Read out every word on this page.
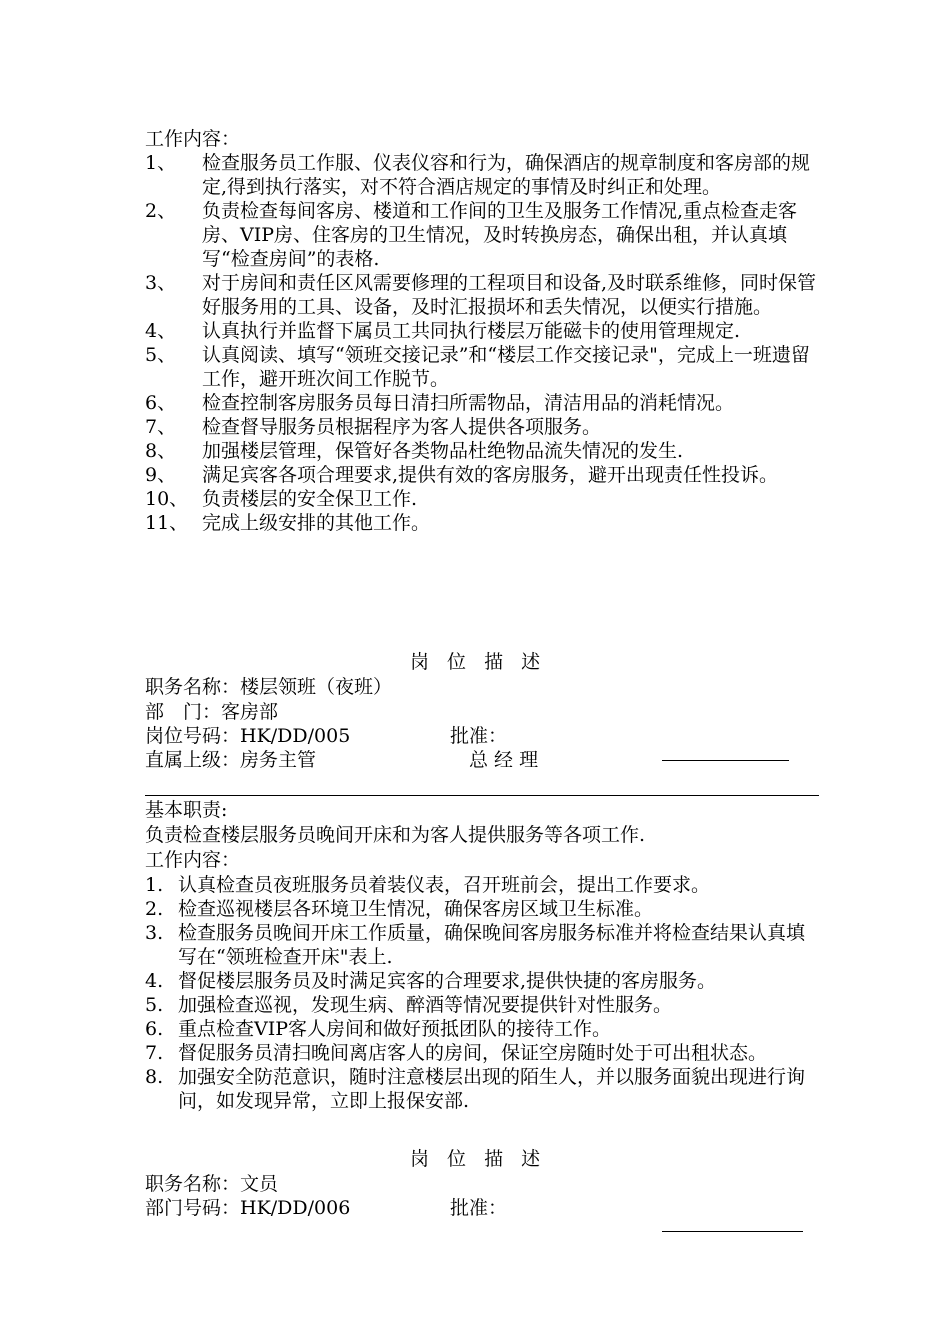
工作内容：
1、 检查服务员工作服、仪表仪容和行为，确保酒店的规章制度和客房部的规定,得到执行落实，对不符合酒店规定的事情及时纠正和处理。
2、 负责检查每间客房、楼道和工作间的卫生及服务工作情况,重点检查走客房、VIP房、住客房的卫生情况，及时转换房态，确保出租，并认真填写“检查房间”的表格.
3、 对于房间和责任区风需要修理的工程项目和设备,及时联系维修，同时保管好服务用的工具、设备，及时汇报损坏和丢失情况，以便实行措施。
4、 认真执行并监督下属员工共同执行楼层万能磁卡的使用管理规定.
5、 认真阅读、填写“领班交接记录”和“楼层工作交接记录"，完成上一班遗留工作，避开班次间工作脱节。
6、 检查控制客房服务员每日清扫所需物品，清洁用品的消耗情况。
7、 检查督导服务员根据程序为客人提供各项服务。
8、 加强楼层管理，保管好各类物品杜绝物品流失情况的发生.
9、 满足宾客各项合理要求,提供有效的客房服务，避开出现责任性投诉。
10、 负责楼层的安全保卫工作.
11、 完成上级安排的其他工作。
岗 位 描 述
职务名称：楼层领班（夜班）
部　门：客房部
岗位号码：HK/DD/005	批准：
直属上级：房务主管	总 经 理
基本职责:
负责检查楼层服务员晚间开床和为客人提供服务等各项工作.
工作内容：
1. 认真检查员夜班服务员着装仪表，召开班前会，提出工作要求。
2. 检查巡视楼层各环境卫生情况，确保客房区域卫生标准。
3. 检查服务员晚间开床工作质量，确保晚间客房服务标准并将检查结果认真填写在“领班检查开床"表上.
4. 督促楼层服务员及时满足宾客的合理要求,提供快捷的客房服务。
5. 加强检查巡视，发现生病、醉酒等情况要提供针对性服务。
6. 重点检查VIP客人房间和做好预抵团队的接待工作。
7. 督促服务员清扫晚间离店客人的房间，保证空房随时处于可出租状态。
8. 加强安全防范意识，随时注意楼层出现的陌生人，并以服务面貌出现进行询问，如发现异常，立即上报保安部.
岗 位 描 述
职务名称：文员
部门号码：HK/DD/006	批准：
